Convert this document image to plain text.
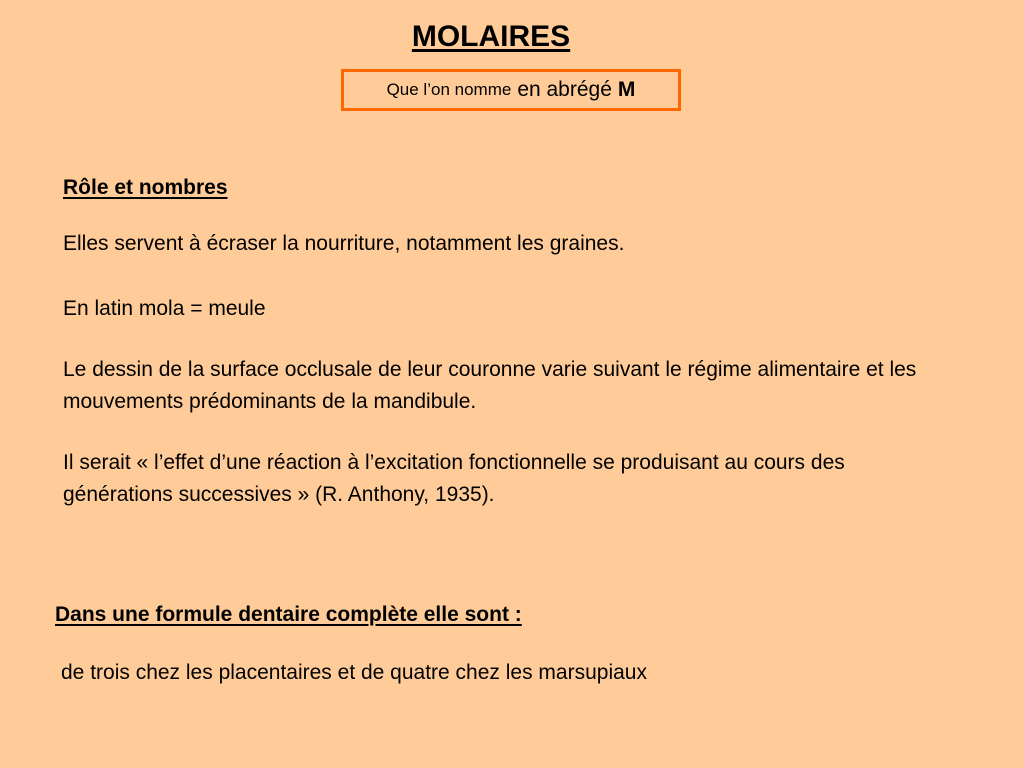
MOLAIRES
Que l’on nomme en abrégé M
Rôle et nombres
Elles servent à écraser la nourriture, notamment les graines.
En latin mola = meule
Le dessin de la surface occlusale de leur couronne varie suivant le régime alimentaire et les mouvements prédominants de la mandibule.
Il serait « l’effet d’une réaction à l’excitation fonctionnelle se produisant au cours des générations successives » (R. Anthony, 1935).
Dans une formule dentaire complète elle sont :
de trois chez les placentaires et de quatre chez les marsupiaux
